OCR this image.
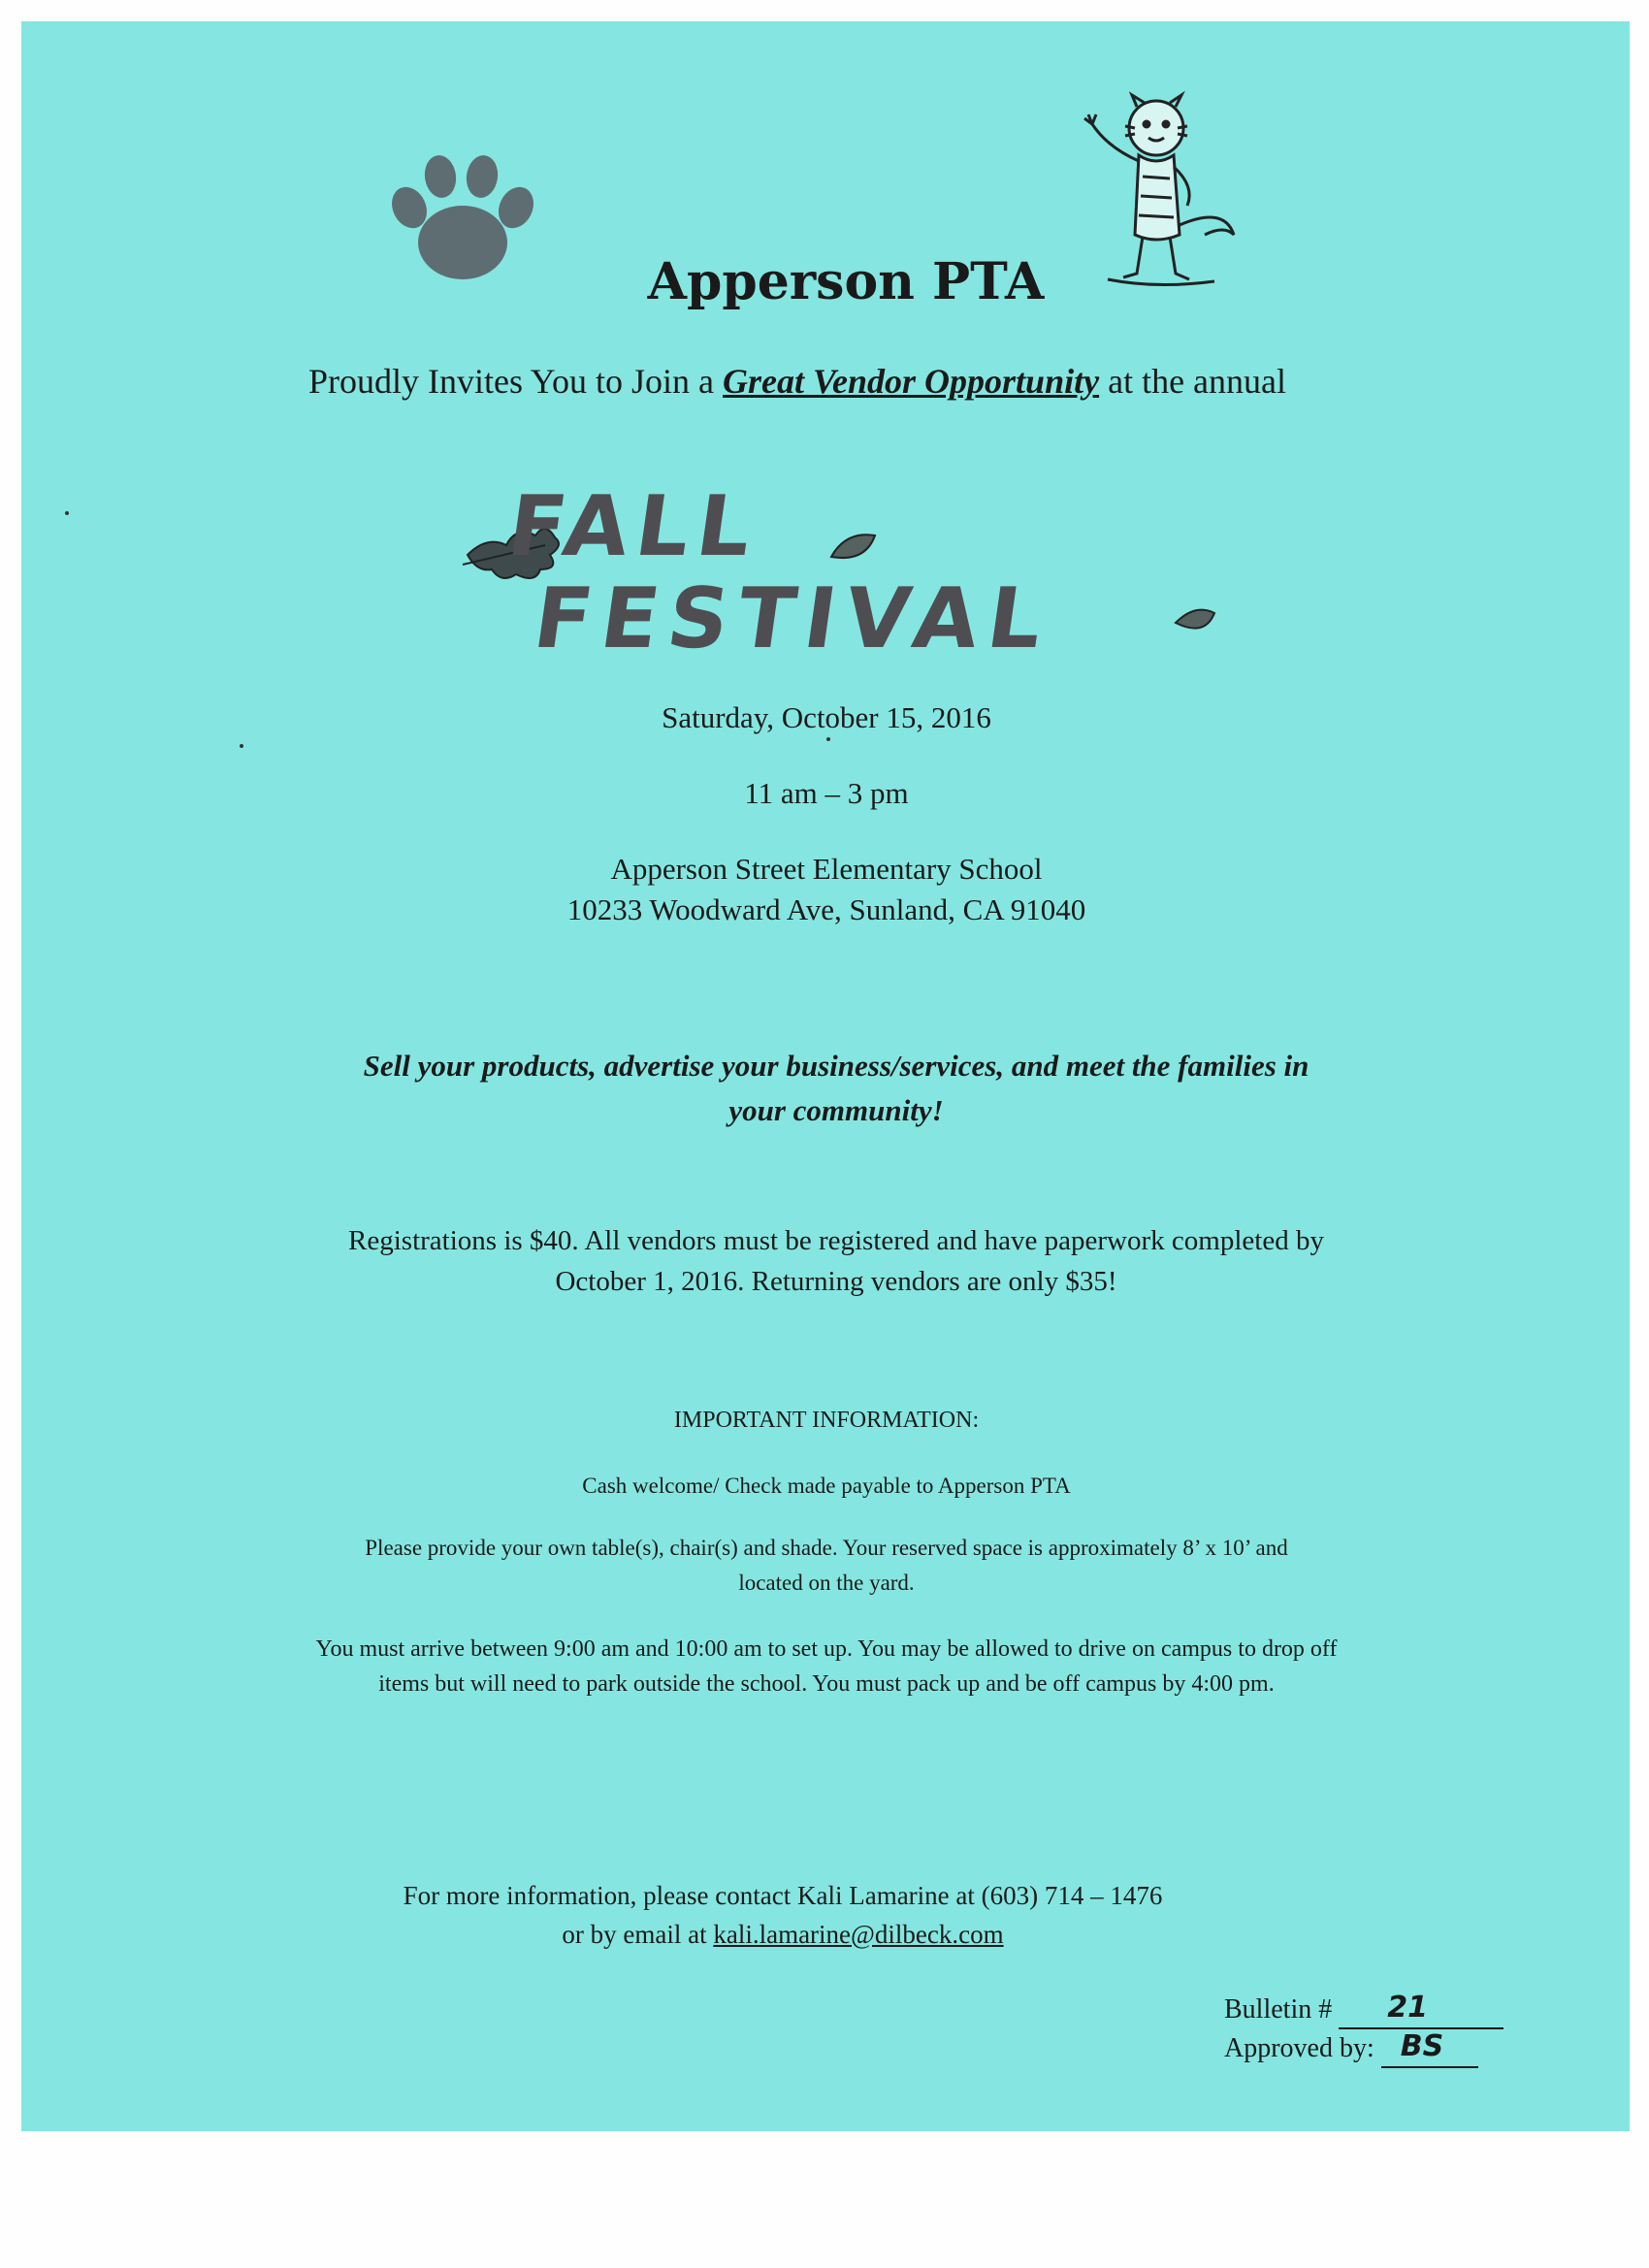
Apperson PTA
Proudly Invites You to Join a Great Vendor Opportunity at the annual
FALL
FESTIVAL
Saturday, October 15, 2016
11 am – 3 pm
Apperson Street Elementary School
10233 Woodward Ave, Sunland, CA 91040
Sell your products, advertise your business/services, and meet the families in
your community!
Registrations is $40. All vendors must be registered and have paperwork completed by
October 1, 2016. Returning vendors are only $35!
IMPORTANT INFORMATION:
Cash welcome/ Check made payable to Apperson PTA
Please provide your own table(s), chair(s) and shade. Your reserved space is approximately 8’ x 10’ and
located on the yard.
You must arrive between 9:00 am and 10:00 am to set up. You may be allowed to drive on campus to drop off
items but will need to park outside the school. You must pack up and be off campus by 4:00 pm.
For more information, please contact Kali Lamarine at (603) 714 – 1476
or by email at kali.lamarine@dilbeck.com
Bulletin # 21
Approved by: BS
